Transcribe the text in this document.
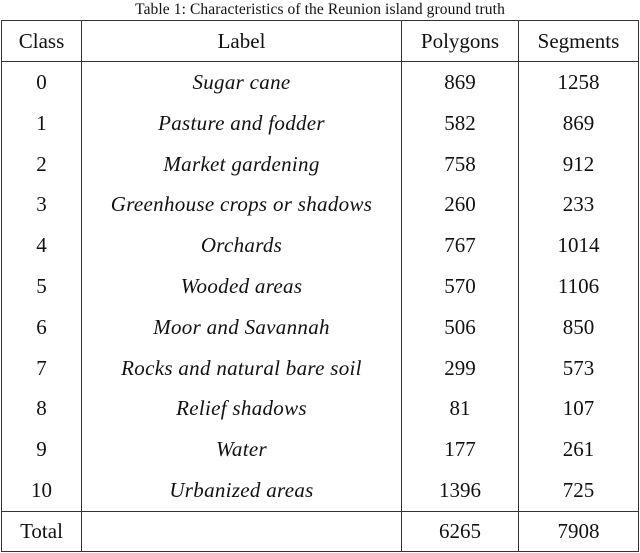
Table 1: Characteristics of the Reunion island ground truth
Class	Label	Polygons	Segments
0	Sugar cane	869	1258
1	Pasture and fodder	582	869
2	Market gardening	758	912
3	Greenhouse crops or shadows	260	233
4	Orchards	767	1014
5	Wooded areas	570	1106
6	Moor and Savannah	506	850
7	Rocks and natural bare soil	299	573
8	Relief shadows	81	107
9	Water	177	261
10	Urbanized areas	1396	725
Total		6265	7908
